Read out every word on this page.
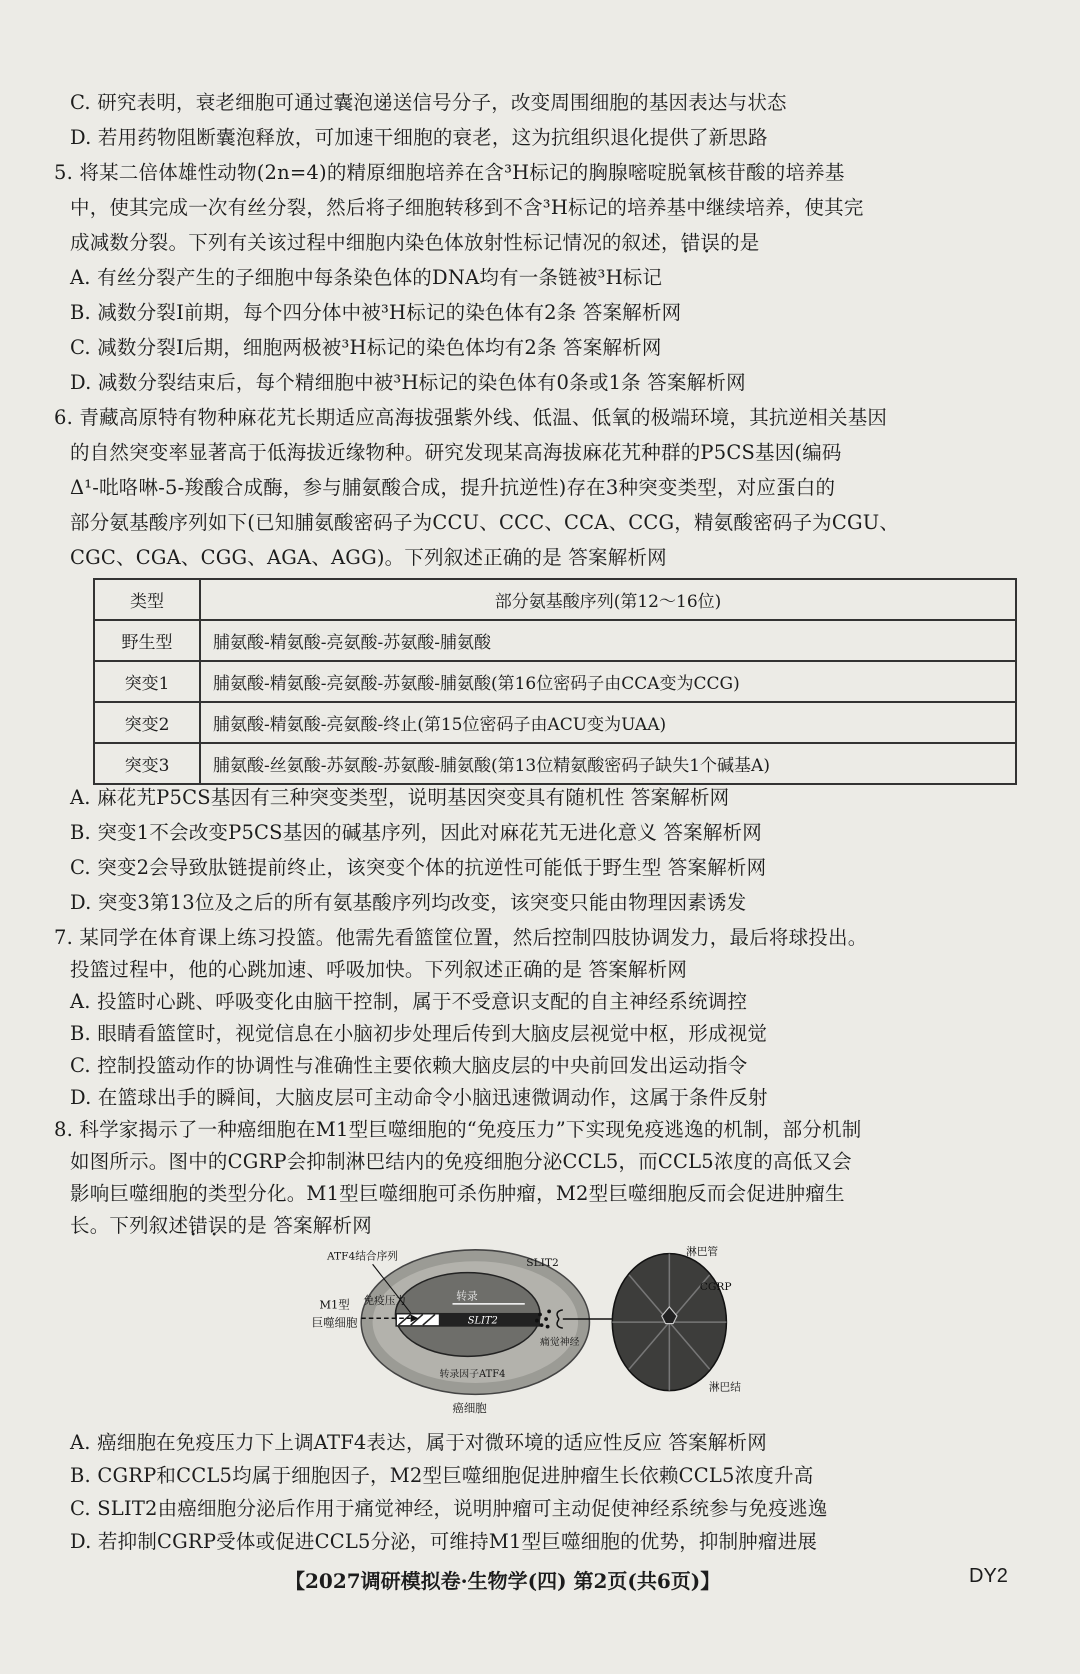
C. 研究表明，衰老细胞可通过囊泡递送信号分子，改变周围细胞的基因表达与状态
D. 若用药物阻断囊泡释放，可加速干细胞的衰老，这为抗组织退化提供了新思路
5. 将某二倍体雄性动物(2n=4)的精原细胞培养在含³H标记的胸腺嘧啶脱氧核苷酸的培养基
中，使其完成一次有丝分裂，然后将子细胞转移到不含³H标记的培养基中继续培养，使其完
成减数分裂。下列有关该过程中细胞内染色体放射性标记情况的叙述，错误 • •的是
A. 有丝分裂产生的子细胞中每条染色体的DNA均有一条链被³H标记
B. 减数分裂Ⅰ前期，每个四分体中被³H标记的染色体有2条 答案解析网
C. 减数分裂Ⅰ后期，细胞两极被³H标记的染色体均有2条 答案解析网
D. 减数分裂结束后，每个精细胞中被³H标记的染色体有0条或1条 答案解析网
6. 青藏高原特有物种麻花艽长期适应高海拔强紫外线、低温、低氧的极端环境，其抗逆相关基因
的自然突变率显著高于低海拔近缘物种。研究发现某高海拔麻花艽种群的P5CS基因(编码
Δ¹-吡咯啉-5-羧酸合成酶，参与脯氨酸合成，提升抗逆性)存在3种突变类型，对应蛋白的
部分氨基酸序列如下(已知脯氨酸密码子为CCU、CCC、CCA、CCG，精氨酸密码子为CGU、
类型	部分氨基酸序列(第12～16位)
野生型	脯氨酸-精氨酸-亮氨酸-苏氨酸-脯氨酸
突变1	脯氨酸-精氨酸-亮氨酸-苏氨酸-脯氨酸(第16位密码子由CCA变为CCG)
突变2	脯氨酸-精氨酸-亮氨酸-终止(第15位密码子由ACU变为UAA)
突变3	脯氨酸-丝氨酸-苏氨酸-苏氨酸-脯氨酸(第13位精氨酸密码子缺失1个碱基A)
A. 麻花艽P5CS基因有三种突变类型，说明基因突变具有随机性 答案解析网
B. 突变1不会改变P5CS基因的碱基序列，因此对麻花艽无进化意义 答案解析网
C. 突变2会导致肽链提前终止，该突变个体的抗逆性可能低于野生型 答案解析网
D. 突变3第13位及之后的所有氨基酸序列均改变，该突变只能由物理因素诱发
7. 某同学在体育课上练习投篮。他需先看篮筐位置，然后控制四肢协调发力，最后将球投出。
投篮过程中，他的心跳加速、呼吸加快。下列叙述正确的是 答案解析网
A. 投篮时心跳、呼吸变化由脑干控制，属于不受意识支配的自主神经系统调控
B. 眼睛看篮筐时，视觉信息在小脑初步处理后传到大脑皮层视觉中枢，形成视觉
C. 控制投篮动作的协调性与准确性主要依赖大脑皮层的中央前回发出运动指令
D. 在篮球出手的瞬间，大脑皮层可主动命令小脑迅速微调动作，这属于条件反射
8. 科学家揭示了一种癌细胞在M1型巨噬细胞的“免疫压力”下实现免疫逃逸的机制，部分机制
SLIT2
转录
转录因子ATF4
ATF4结合序列
M1型
巨噬细胞
免疫压力
SLIT2
痛觉神经
淋巴管
CGRP
淋巴结
癌细胞
【2027调研模拟卷·生物学(四) 第2页(共6页)】	DY2
CGC、CGA、CGG、AGA、AGG)。下列叙述正确的是 答案解析网
如图所示。图中的CGRP会抑制淋巴结内的免疫细胞分泌CCL5，而CCL5浓度的高低又会
影响巨噬细胞的类型分化。M1型巨噬细胞可杀伤肿瘤，M2型巨噬细胞反而会促进肿瘤生
A. 癌细胞在免疫压力下上调ATF4表达，属于对微环境的适应性反应 答案解析网
B. CGRP和CCL5均属于细胞因子，M2型巨噬细胞促进肿瘤生长依赖CCL5浓度升高
C. SLIT2由癌细胞分泌后作用于痛觉神经，说明肿瘤可主动促使神经系统参与免疫逃逸
D. 若抑制CGRP受体或促进CCL5分泌，可维持M1型巨噬细胞的优势，抑制肿瘤进展
长。下列叙述错误 • •的是 答案解析网
